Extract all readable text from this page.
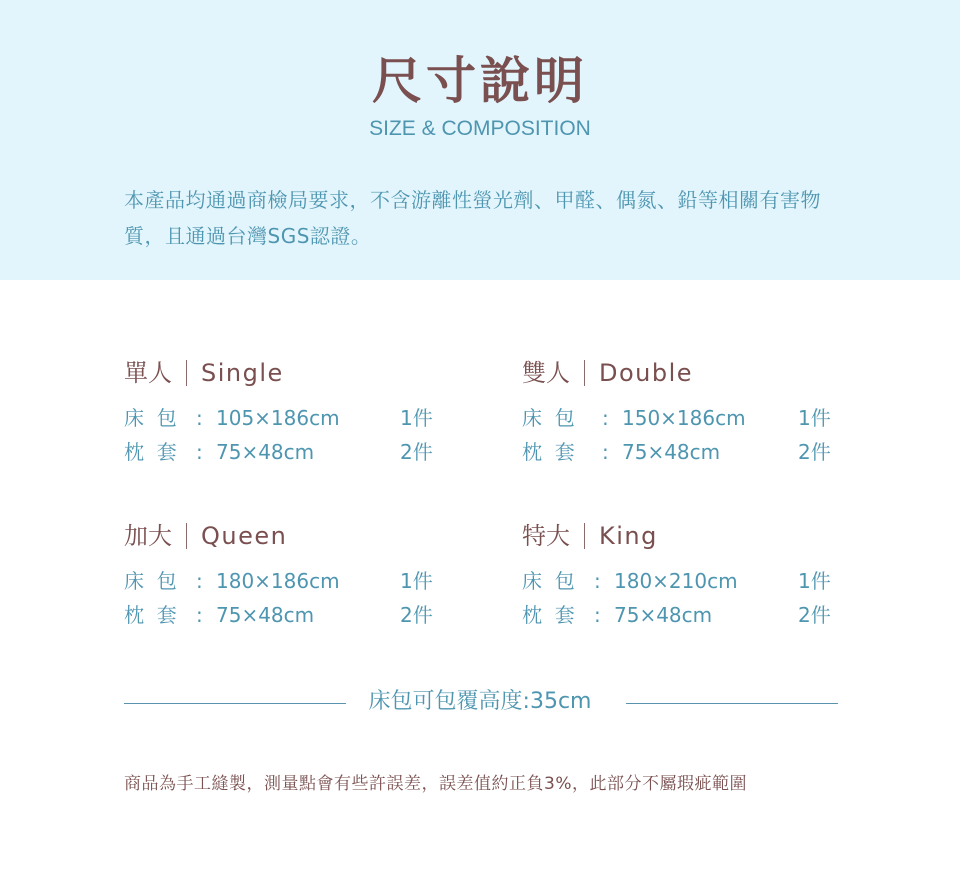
尺寸說明
SIZE & COMPOSITION

本產品均通過商檢局要求，不含游離性螢光劑、甲醛、偶氮、鉛等相關有害物質，且通過台灣SGS認證。

單人 Single
床  包 : 105×186cm	1件
枕  套 : 75×48cm	2件
雙人 Double
床  包 : 150×186cm	1件
枕  套 : 75×48cm	2件
加大 Queen
床  包 : 180×186cm	1件
枕  套 : 75×48cm	2件
特大 King
床  包 : 180×210cm	1件
枕  套 : 75×48cm	2件
床包可包覆高度:35cm

商品為手工縫製，測量點會有些許誤差，誤差值約正負3%，此部分不屬瑕疵範圍
